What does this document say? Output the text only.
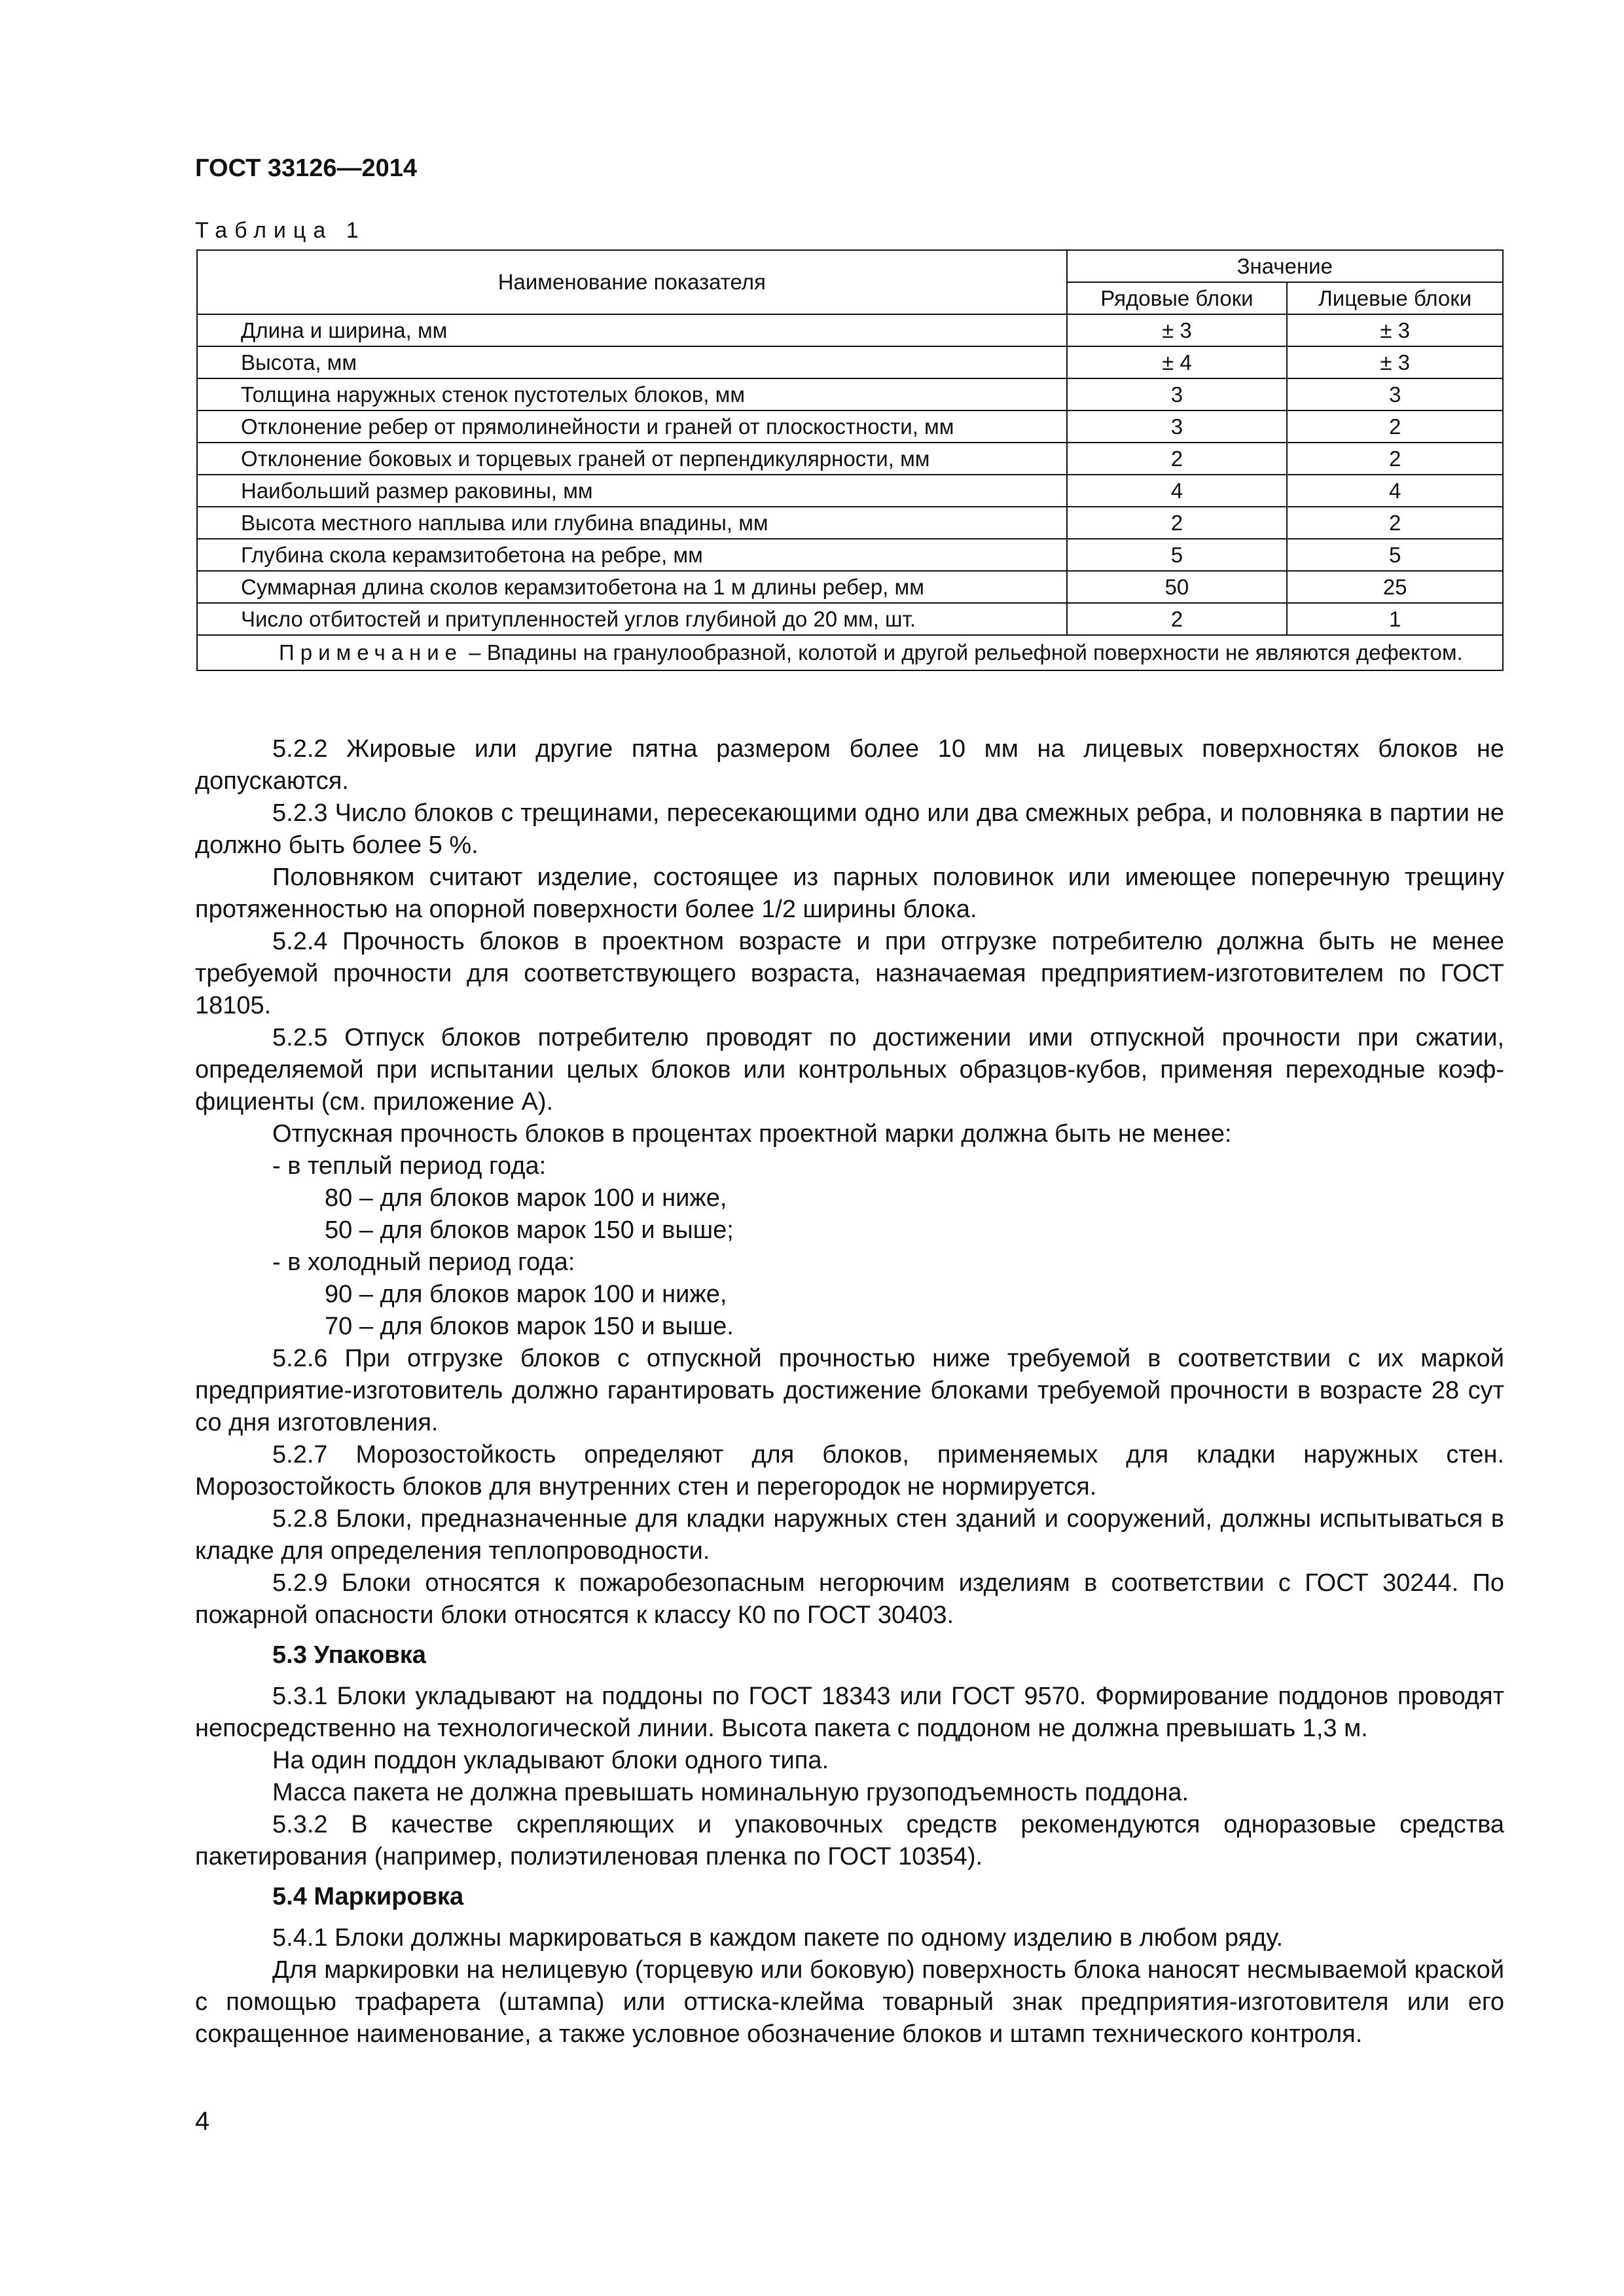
ГОСТ 33126—2014
Таблица 1
Наименование показателя	Значение	
	Рядовые блоки	Лицевые блоки
Длина и ширина, мм	± 3	± 3
Высота, мм	± 4	± 3
Толщина наружных стенок пустотелых блоков, мм	3	3
Отклонение ребер от прямолинейности и граней от плоскостности, мм	3	2
Отклонение боковых и торцевых граней от перпендикулярности, мм	2	2
Наибольший размер раковины, мм	4	4
Высота местного наплыва или глубина впадины, мм	2	2
Глубина скола керамзитобетона на ребре, мм	5	5
Суммарная длина сколов керамзитобетона на 1 м длины ребер, мм	50	25
Число отбитостей и притупленностей углов глубиной до 20 мм, шт.	2	1
Примечание – Впадины на гранулообразной, колотой и другой рельефной поверхности не являются дефектом.		

5.2.2 Жировые или другие пятна размером более 10 мм на лицевых поверхностях блоков не допускаются.

5.2.3 Число блоков с трещинами, пересекающими одно или два смежных ребра, и половняка в партии не должно быть более 5 %.

Половняком считают изделие, состоящее из парных половинок или имеющее поперечную трещину протяженностью на опорной поверхности более 1/2 ширины блока.

5.2.4 Прочность блоков в проектном возрасте и при отгрузке потребителю должна быть не менее требуемой прочности для соответствующего возраста, назначаемая предприятием-изготовителем по ГОСТ 18105.

5.2.5 Отпуск блоков потребителю проводят по достижении ими отпускной прочности при сжатии, определяемой при испытании целых блоков или контрольных образцов-кубов, применяя переходные коэф-фициенты (см. приложение А).

Отпускная прочность блоков в процентах проектной марки должна быть не менее:

- в теплый период года:

80 – для блоков марок 100 и ниже,

50 – для блоков марок 150 и выше;

- в холодный период года:

90 – для блоков марок 100 и ниже,

70 – для блоков марок 150 и выше.

5.2.6 При отгрузке блоков с отпускной прочностью ниже требуемой в соответствии с их маркой предприятие-изготовитель должно гарантировать достижение блоками требуемой прочности в возрасте 28 сут со дня изготовления.

5.2.7 Морозостойкость определяют для блоков, применяемых для кладки наружных стен. Морозостойкость блоков для внутренних стен и перегородок не нормируется.

5.2.8 Блоки, предназначенные для кладки наружных стен зданий и сооружений, должны испытываться в кладке для определения теплопроводности.

5.2.9 Блоки относятся к пожаробезопасным негорючим изделиям в соответствии с ГОСТ 30244. По пожарной опасности блоки относятся к классу К0 по ГОСТ 30403.

5.3 Упаковка

5.3.1 Блоки укладывают на поддоны по ГОСТ 18343 или ГОСТ 9570. Формирование поддонов проводят непосредственно на технологической линии. Высота пакета с поддоном не должна превышать 1,3 м.

На один поддон укладывают блоки одного типа.

Масса пакета не должна превышать номинальную грузоподъемность поддона.

5.3.2 В качестве скрепляющих и упаковочных средств рекомендуются одноразовые средства пакетирования (например, полиэтиленовая пленка по ГОСТ 10354).

5.4 Маркировка

5.4.1 Блоки должны маркироваться в каждом пакете по одному изделию в любом ряду.

Для маркировки на нелицевую (торцевую или боковую) поверхность блока наносят несмываемой краской с помощью трафарета (штампа) или оттиска-клейма товарный знак предприятия-изготовителя или его сокращенное наименование, а также условное обозначение блоков и штамп технического контроля.

4
